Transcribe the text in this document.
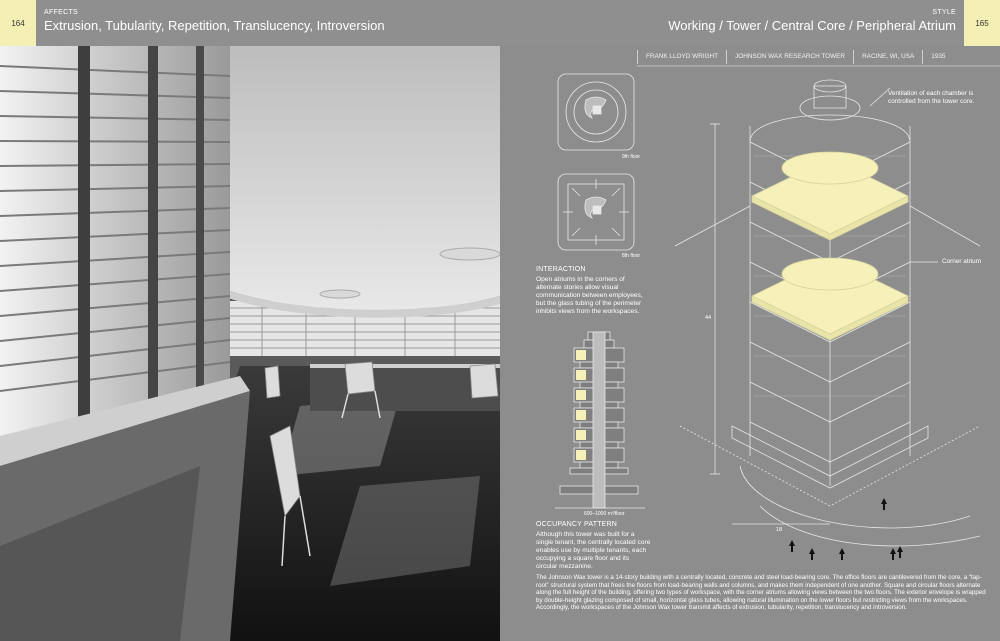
164
AFFECTS
Extrusion, Tubularity, Repetition, Translucency, Introversion
STYLE
Working / Tower / Central Core / Peripheral Atrium	165
FRANK LLOYD WRIGHT	JOHNSON WAX RESEARCH TOWER	RACINE, WI, USA	1935
9th floor
8th floor
INTERACTION
Open atriums in the corners of alternate stories allow visual communication between employees, but the glass tubing of the perimeter inhibits views from the workspaces.
600–1000 m²/floor
OCCUPANCY PATTERN
Although this tower was built for a single tenant, the centrally located core enables use by multiple tenants, each occupying a square floor and its circular mezzanine.
Ventilation of each chamber is controlled from the tower core.
Corner atrium
44
18
The Johnson Wax tower is a 14-story building with a centrally located, concrete and steel load-bearing core. The office floors are cantilevered from the core, a “tap-root” structural system that frees the floors from load-bearing walls and columns, and makes them independent of one another. Square and circular floors alternate along the full height of the building, offering two types of workspace, with the corner atriums allowing views between the two floors. The exterior envelope is wrapped by double-height glazing composed of small, horizontal glass tubes, allowing natural illumination on the lower floors but restricting views from the workspaces. Accordingly, the workspaces of the Johnson Wax tower transmit affects of extrusion, tubularity, repetition, translucency and introversion.
